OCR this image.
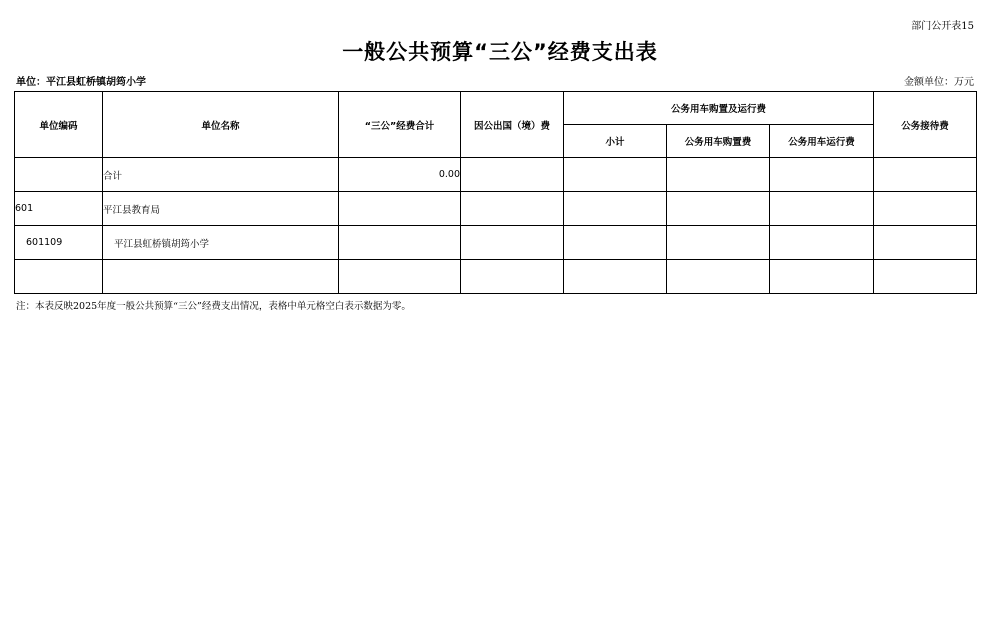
部门公开表15
一般公共预算“三公”经费支出表
单位：平江县虹桥镇胡筠小学	金额单位：万元
单位编码	单位名称	“三公”经费合计	因公出国（境）费	公务用车购置及运行费			公务接待费
				小计	公务用车购置费	公务用车运行费	
	合计	0.00					
601	平江县教育局						
601109	平江县虹桥镇胡筠小学						

注：本表反映2025年度一般公共预算“三公”经费支出情况，表格中单元格空白表示数据为零。
